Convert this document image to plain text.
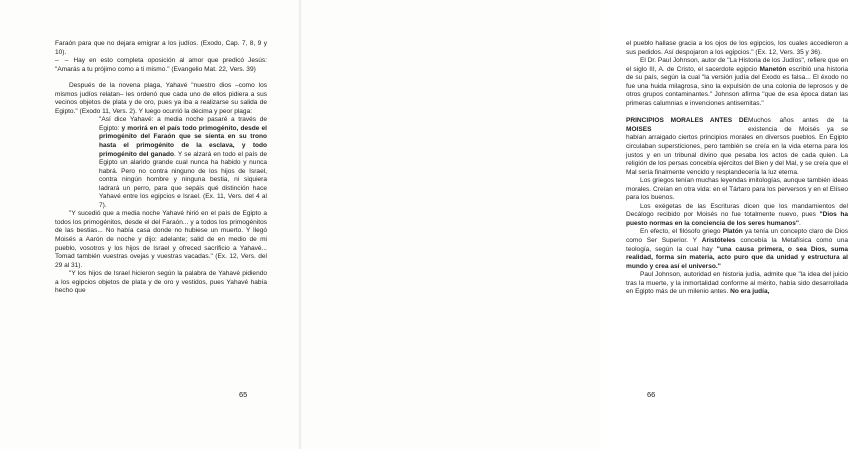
Faraón para que no dejara emigrar a los judíos. (Exodo, Cap. 7, 8, 9 y 10).

– – Hay en esto completa oposición al amor que predicó Jesús: "Amarás a tu prójimo como a ti mismo." (Evangelio Mat. 22, Vers. 39)

Después de la novena plaga, Yahavé "nuestro dios –como los mismos judíos relatan– les ordenó que cada uno de ellos pidiera a sus vecinos objetos de plata y de oro, pues ya iba a realizarse su salida de Egipto." (Exodo 11, Vers. 2). Y luego ocurrió la décima y peor plaga:

"Así dice Yahavé: a media noche pasaré a través de Egipto: y morirá en el país todo primogénito, desde el primogénito del Faraón que se sienta en su trono hasta el primogénito de la esclava, y todo primogénito del ganado. Y se alzará en todo el país de Egipto un alarido grande cual nunca ha habido y nunca habrá. Pero no contra ninguno de los hijos de Israel, contra ningún hombre y ninguna bestia, ni siquiera ladrará un perro, para que sepáis qué distinción hace Yahavé entre los egipcios e Israel. (Ex. 11, Vers. del 4 al 7).

"Y sucedió que a media noche Yahavé hirió en el país de Egipto a todos los primogénitos, desde el del Faraón... y a todos los primogénitos de las bestias... No había casa donde no hubiese un muerto. Y llegó Moisés a Aarón de noche y dijo: adelante; salid de en medio de mi pueblo, vosotros y los hijos de Israel y ofreced sacrificio a Yahavé... Tomad también vuestras ovejas y vuestras vacadas." (Ex. 12, Vers. del 29 al 31).

"Y los hijos de Israel hicieron según la palabra de Yahavé pidiendo a los egipcios objetos de plata y de oro y vestidos, pues Yahavé había hecho que

65

el pueblo hallase gracia a los ojos de los egipcios, los cuales accedieron a sus pedidos. Así despojaron a los egipcios." (Ex. 12, Vers. 35 y 36).

El Dr. Paul Johnson, autor de "La Historia de los Judíos", refiere que en el siglo III, A. de Cristo, el sacerdote egipcio Manetón escribió una historia de su país, según la cual "la versión judía del Exodo es falsa... El éxodo no fue una huida milagrosa, sino la expulsión de una colonia de leprosos y de otros grupos contaminantes." Johnson afirma "que de esa época datan las primeras calumnias e invenciones antisemitas."

PRINCIPIOS MORALES ANTES DE MOISES

Muchos años antes de la existencia de Moisés ya se habían arraigado ciertos principios morales en diversos pueblos. En Egipto circulaban supersticiones, pero también se creía en la vida eterna para los justos y en un tribunal divino que pesaba los actos de cada quien. La religión de los persas concebía ejércitos del Bien y del Mal, y se creía que el Mal sería finalmente vencido y resplandecería la luz eterna.

Los griegos tenían muchas leyendas imitologías, aunque también ideas morales. Creían en otra vida: en el Tártaro para los perversos y en el Elíseo para los buenos.

Los exégetas de las Escrituras dicen que los mandamientos del Decálogo recibido por Moisés no fue totalmente nuevo, pues "Dios ha puesto normas en la conciencia de los seres humanos".

En efecto, el filósofo griego Platón ya tenía un concepto claro de Dios como Ser Superior. Y Aristóteles concebía la Metafísica como una teología, según la cual hay "una causa primera, o sea Dios, suma realidad, forma sin materia, acto puro que da unidad y estructura al mundo y crea así el universo."

Paul Johnson, autoridad en historia judía, admite que "la idea del juicio tras la muerte, y la inmortalidad conforme al mérito, había sido desarrollada en Egipto más de un milenio antes. No era judía,

66
